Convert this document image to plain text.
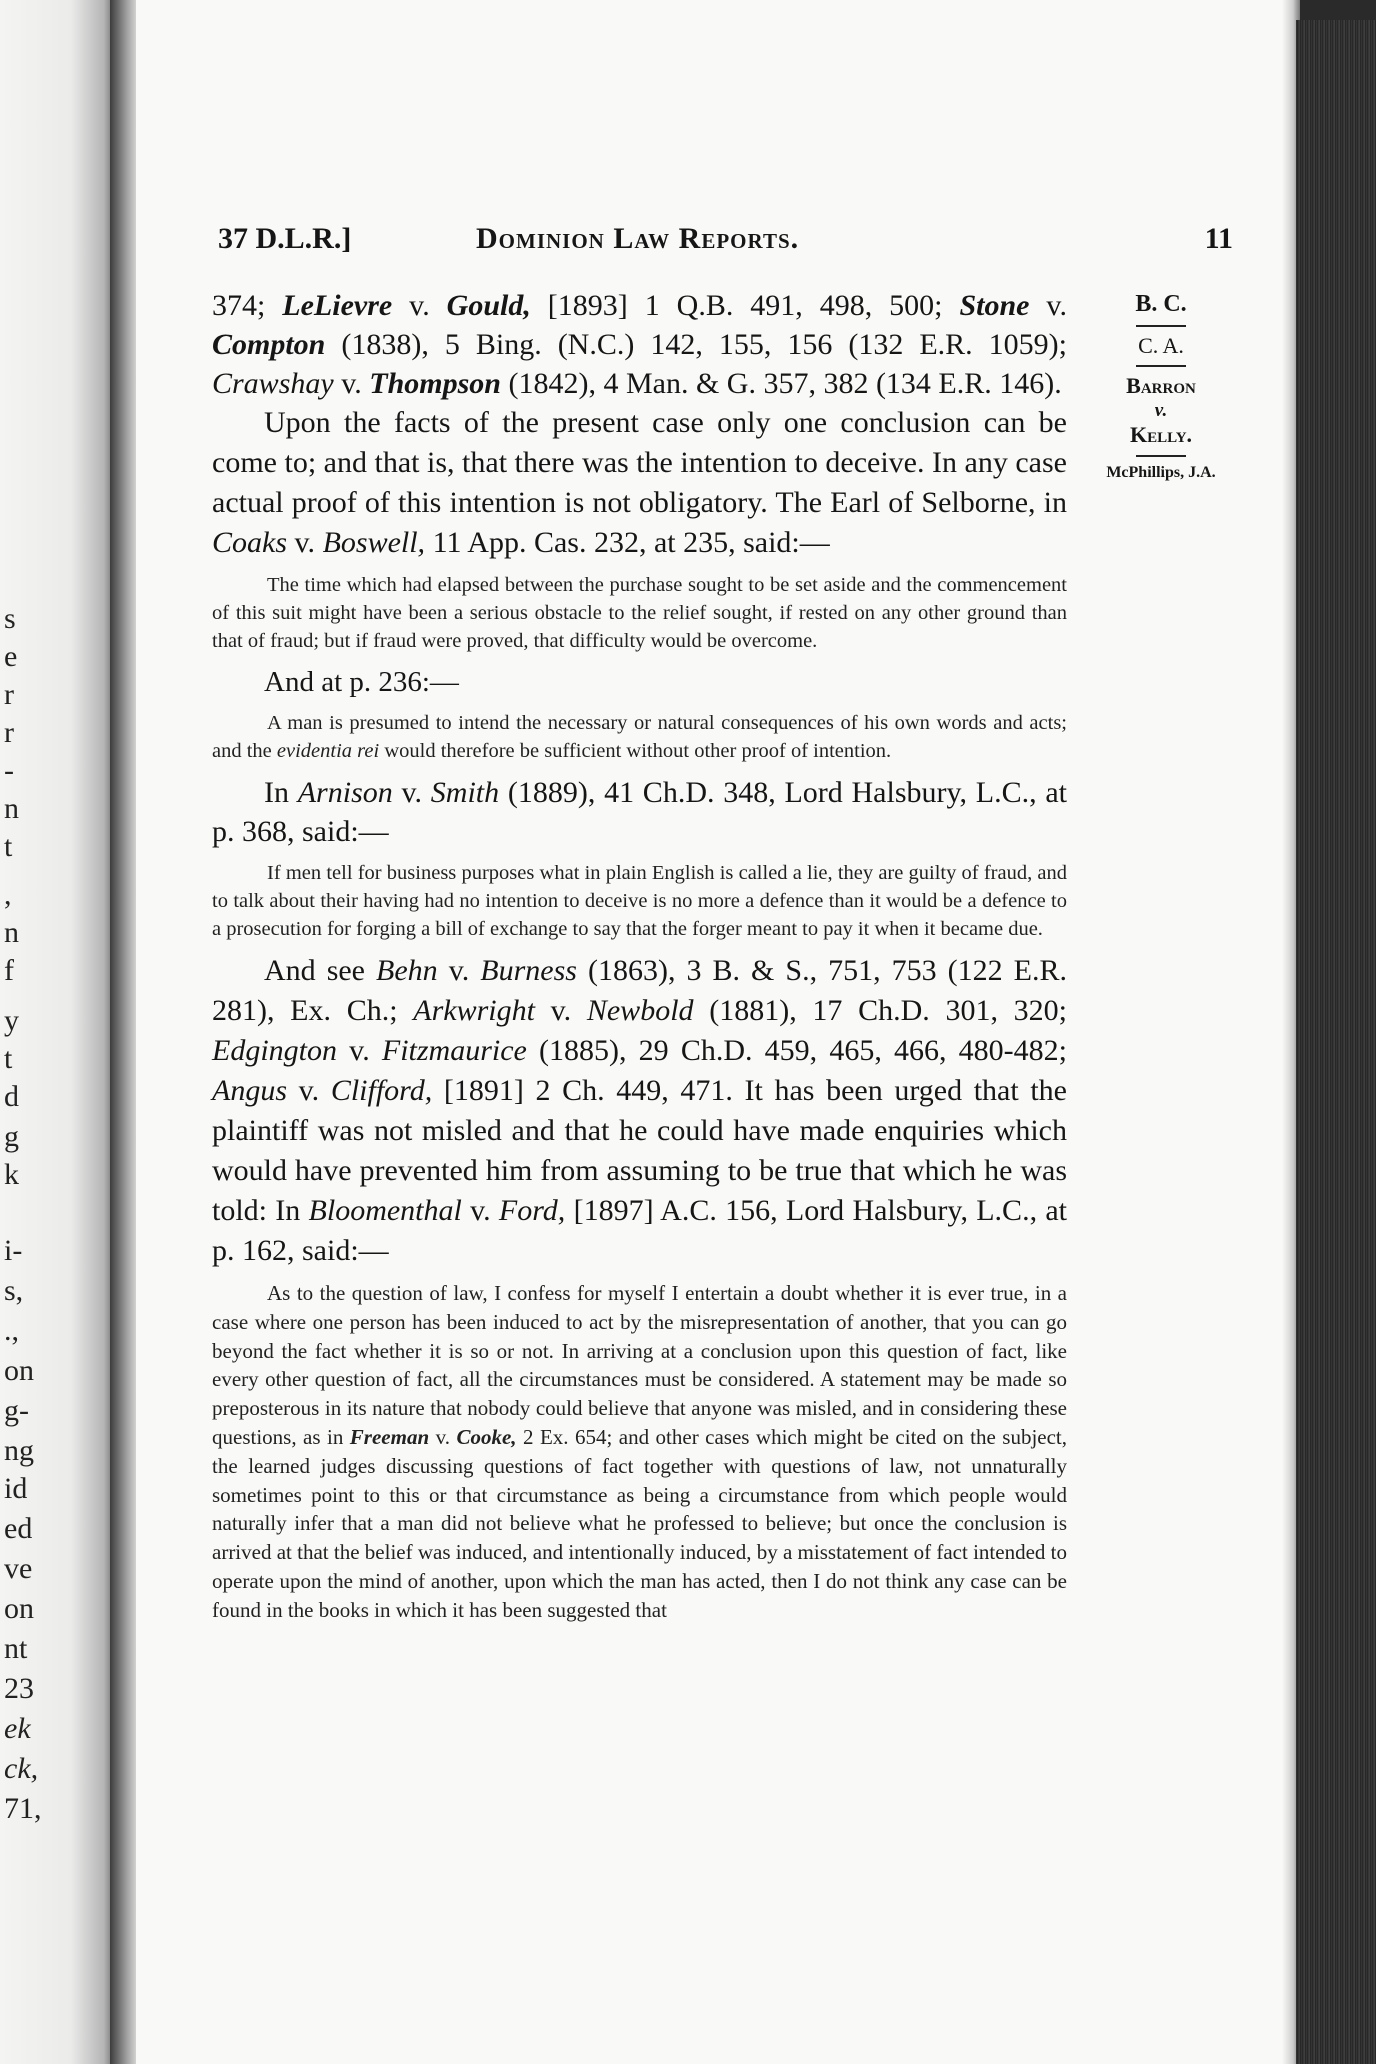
s
e
r
r
-
n
t
,
n
f
y
t
d
g
k
i-
s,
.,
on
g-
ng
id
ed
ve
on
nt
23
ek
ck,
71,
37 D.L.R.]	Dominion Law Reports.	11
B. C.
C. A.
Barron
v.
Kelly.
McPhillips, J.A.

374; LeLievre v. Gould, [1893] 1 Q.B. 491, 498, 500; Stone v. Compton (1838), 5 Bing. (N.C.) 142, 155, 156 (132 E.R. 1059); Crawshay v. Thompson (1842), 4 Man. & G. 357, 382 (134 E.R. 146).

Upon the facts of the present case only one conclusion can be come to; and that is, that there was the intention to deceive. In any case actual proof of this intention is not obligatory. The Earl of Selborne, in Coaks v. Boswell, 11 App. Cas. 232, at 235, said:—

The time which had elapsed between the purchase sought to be set aside and the commencement of this suit might have been a serious obstacle to the relief sought, if rested on any other ground than that of fraud; but if fraud were proved, that difficulty would be overcome.

And at p. 236:—

A man is presumed to intend the necessary or natural consequences of his own words and acts; and the evidentia rei would therefore be sufficient without other proof of intention.

In Arnison v. Smith (1889), 41 Ch.D. 348, Lord Halsbury, L.C., at p. 368, said:—

If men tell for business purposes what in plain English is called a lie, they are guilty of fraud, and to talk about their having had no intention to deceive is no more a defence than it would be a defence to a prosecution for forging a bill of exchange to say that the forger meant to pay it when it became due.

And see Behn v. Burness (1863), 3 B. & S., 751, 753 (122 E.R. 281), Ex. Ch.; Arkwright v. Newbold (1881), 17 Ch.D. 301, 320; Edgington v. Fitzmaurice (1885), 29 Ch.D. 459, 465, 466, 480-482; Angus v. Clifford, [1891] 2 Ch. 449, 471. It has been urged that the plaintiff was not misled and that he could have made enquiries which would have prevented him from assuming to be true that which he was told: In Bloomenthal v. Ford, [1897] A.C. 156, Lord Halsbury, L.C., at p. 162, said:—

As to the question of law, I confess for myself I entertain a doubt whether it is ever true, in a case where one person has been induced to act by the misrepresentation of another, that you can go beyond the fact whether it is so or not. In arriving at a conclusion upon this question of fact, like every other question of fact, all the circumstances must be considered. A statement may be made so preposterous in its nature that nobody could believe that anyone was misled, and in considering these questions, as in Freeman v. Cooke, 2 Ex. 654; and other cases which might be cited on the subject, the learned judges discussing questions of fact together with questions of law, not unnaturally sometimes point to this or that circumstance as being a circumstance from which people would naturally infer that a man did not believe what he professed to believe; but once the conclusion is arrived at that the belief was induced, and intentionally induced, by a misstatement of fact intended to operate upon the mind of another, upon which the man has acted, then I do not think any case can be found in the books in which it has been suggested that
